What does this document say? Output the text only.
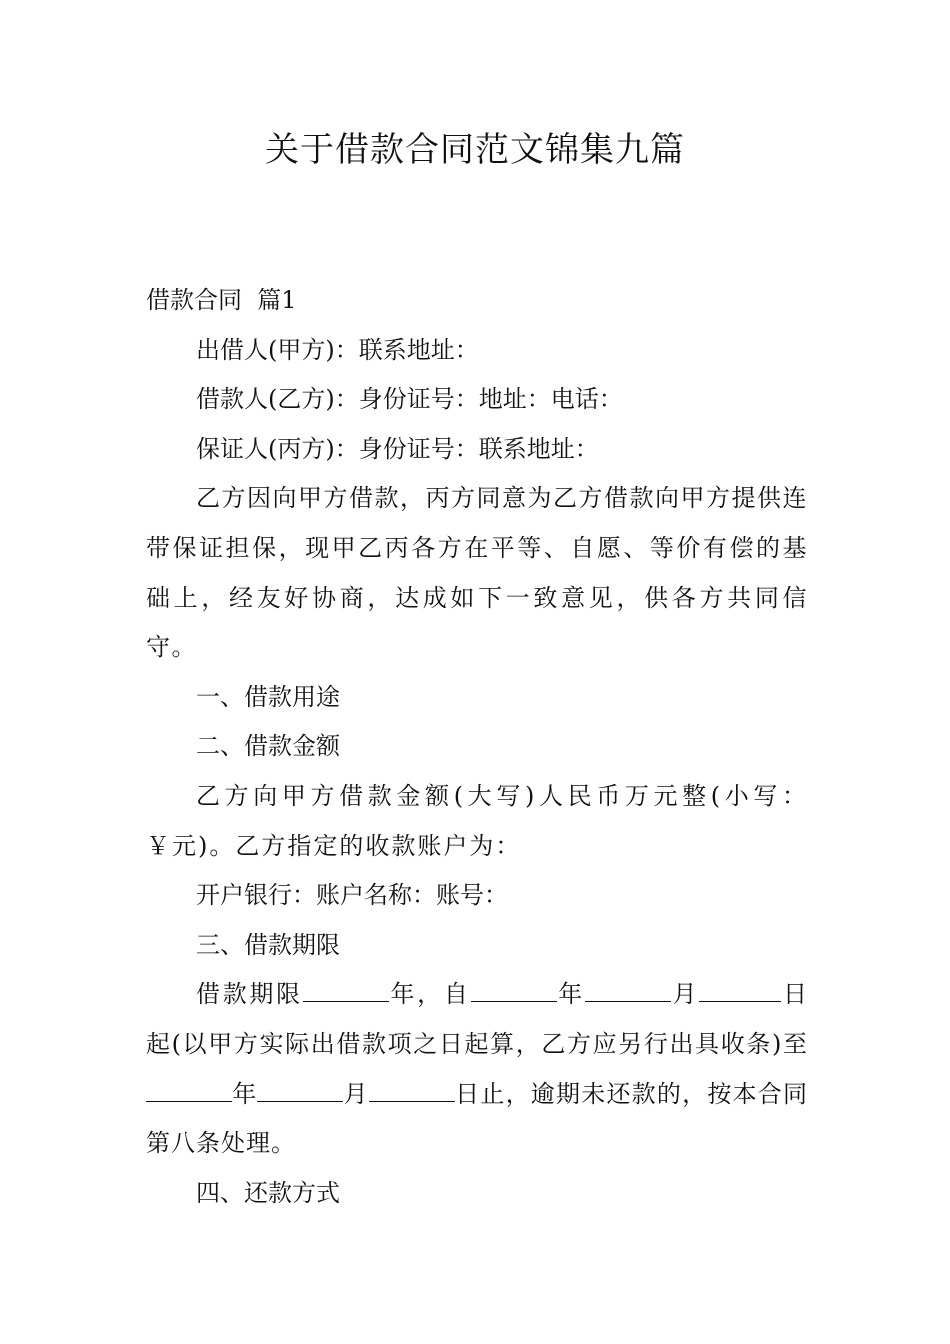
关于借款合同范文锦集九篇

借款合同  篇1

出借人(甲方)：联系地址：

借款人(乙方)：身份证号：地址：电话：

保证人(丙方)：身份证号：联系地址：

乙方因向甲方借款，丙方同意为乙方借款向甲方提供连带保证担保，现甲乙丙各方在平等、自愿、等价有偿的基础上，经友好协商，达成如下一致意见，供各方共同信守。

一、借款用途

二、借款金额

乙方向甲方借款金额(大写)人民币万元整(小写：￥元)。乙方指定的收款账户为：

开户银行：账户名称：账号：

三、借款期限

借款期限	年，自	年	月	日起(以甲方实际出借款项之日起算，乙方应另行出具收条)至年	月	日止，逾期未还款的，按本合同第八条处理。

四、还款方式
